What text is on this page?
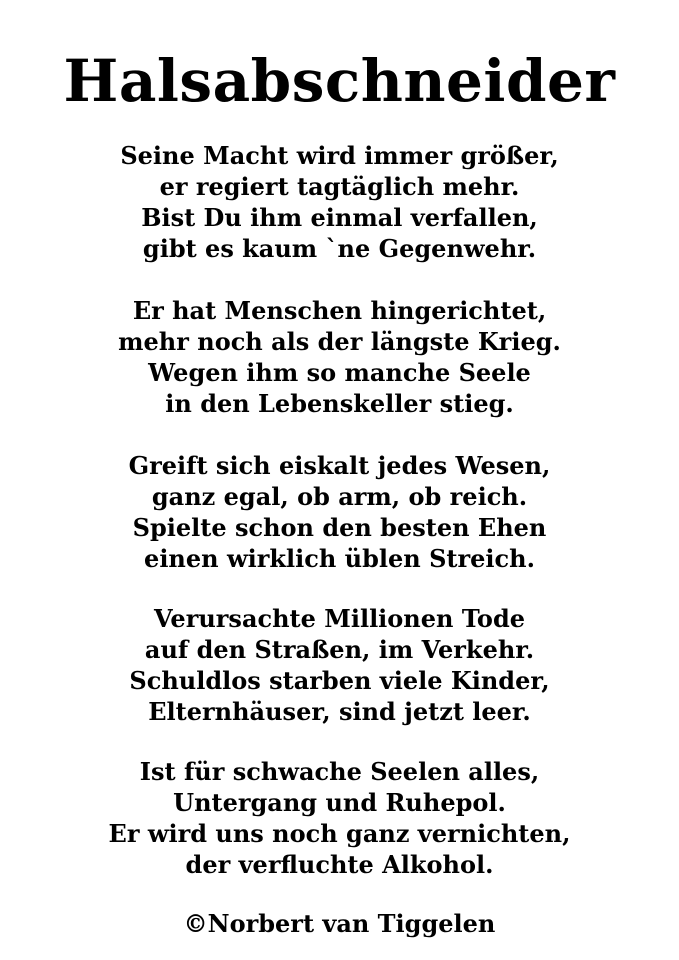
Halsabschneider

Seine Macht wird immer größer,
er regiert tagtäglich mehr.
Bist Du ihm einmal verfallen,
gibt es kaum `ne Gegenwehr.

Er hat Menschen hingerichtet,
mehr noch als der längste Krieg.
Wegen ihm so manche Seele
in den Lebenskeller stieg.

Greift sich eiskalt jedes Wesen,
ganz egal, ob arm, ob reich.
Spielte schon den besten Ehen
einen wirklich üblen Streich.

Verursachte Millionen Tode
auf den Straßen, im Verkehr.
Schuldlos starben viele Kinder,
Elternhäuser, sind jetzt leer.

Ist für schwache Seelen alles,
Untergang und Ruhepol.
Er wird uns noch ganz vernichten,
der verfluchte Alkohol.

©Norbert van Tiggelen
